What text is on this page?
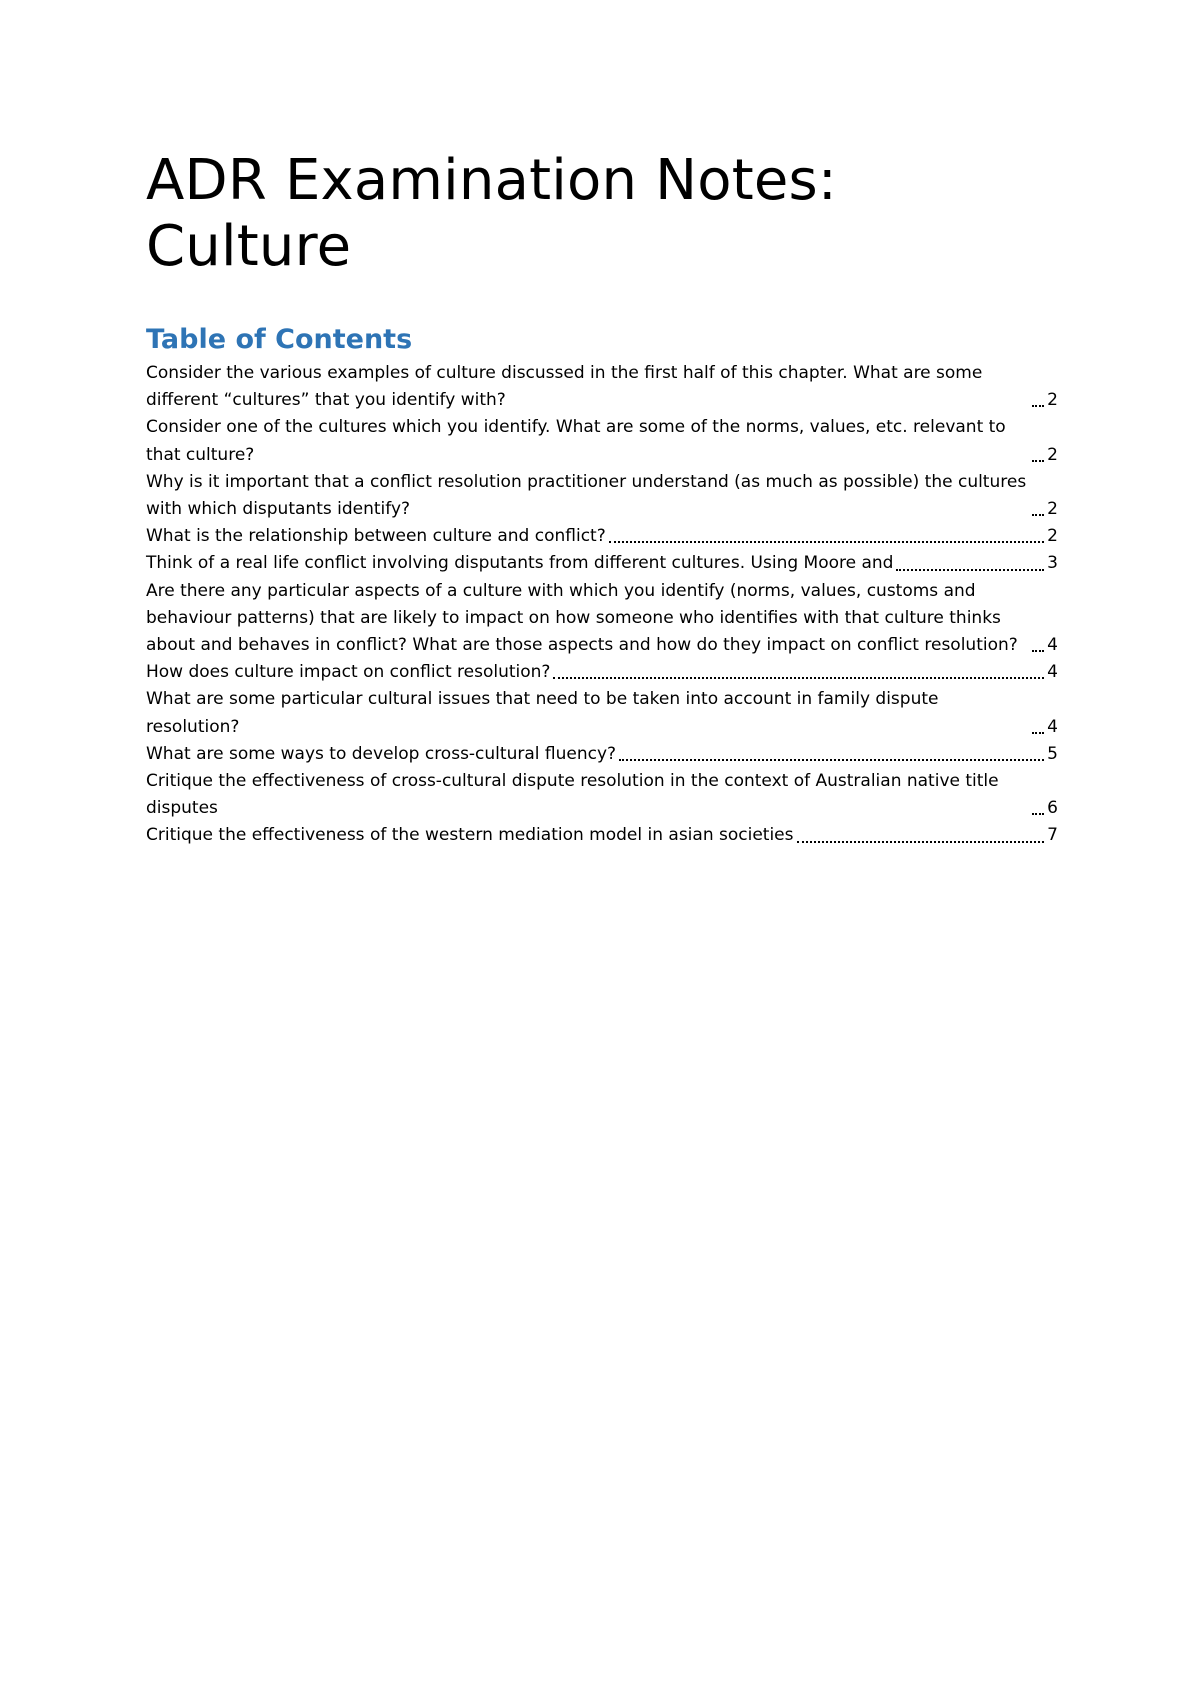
ADR Examination Notes:
Culture
Table of Contents
Consider the various examples of culture discussed in the first half of this chapter. What are some different “cultures” that you identify with?	2
Consider one of the cultures which you identify. What are some of the norms, values, etc. relevant to that culture?	2
Why is it important that a conflict resolution practitioner understand (as much as possible) the cultures with which disputants identify?	2
What is the relationship between culture and conflict?	2
Think of a real life conflict involving disputants from different cultures. Using Moore and	3
Are there any particular aspects of a culture with which you identify (norms, values, customs and behaviour patterns) that are likely to impact on how someone who identifies with that culture thinks about and behaves in conflict? What are those aspects and how do they impact on conflict resolution?	4
How does culture impact on conflict resolution?	4
What are some particular cultural issues that need to be taken into account in family dispute resolution?	4
What are some ways to develop cross-cultural fluency?	5
Critique the effectiveness of cross-cultural dispute resolution in the context of Australian native title disputes	6
Critique the effectiveness of the western mediation model in asian societies	7
